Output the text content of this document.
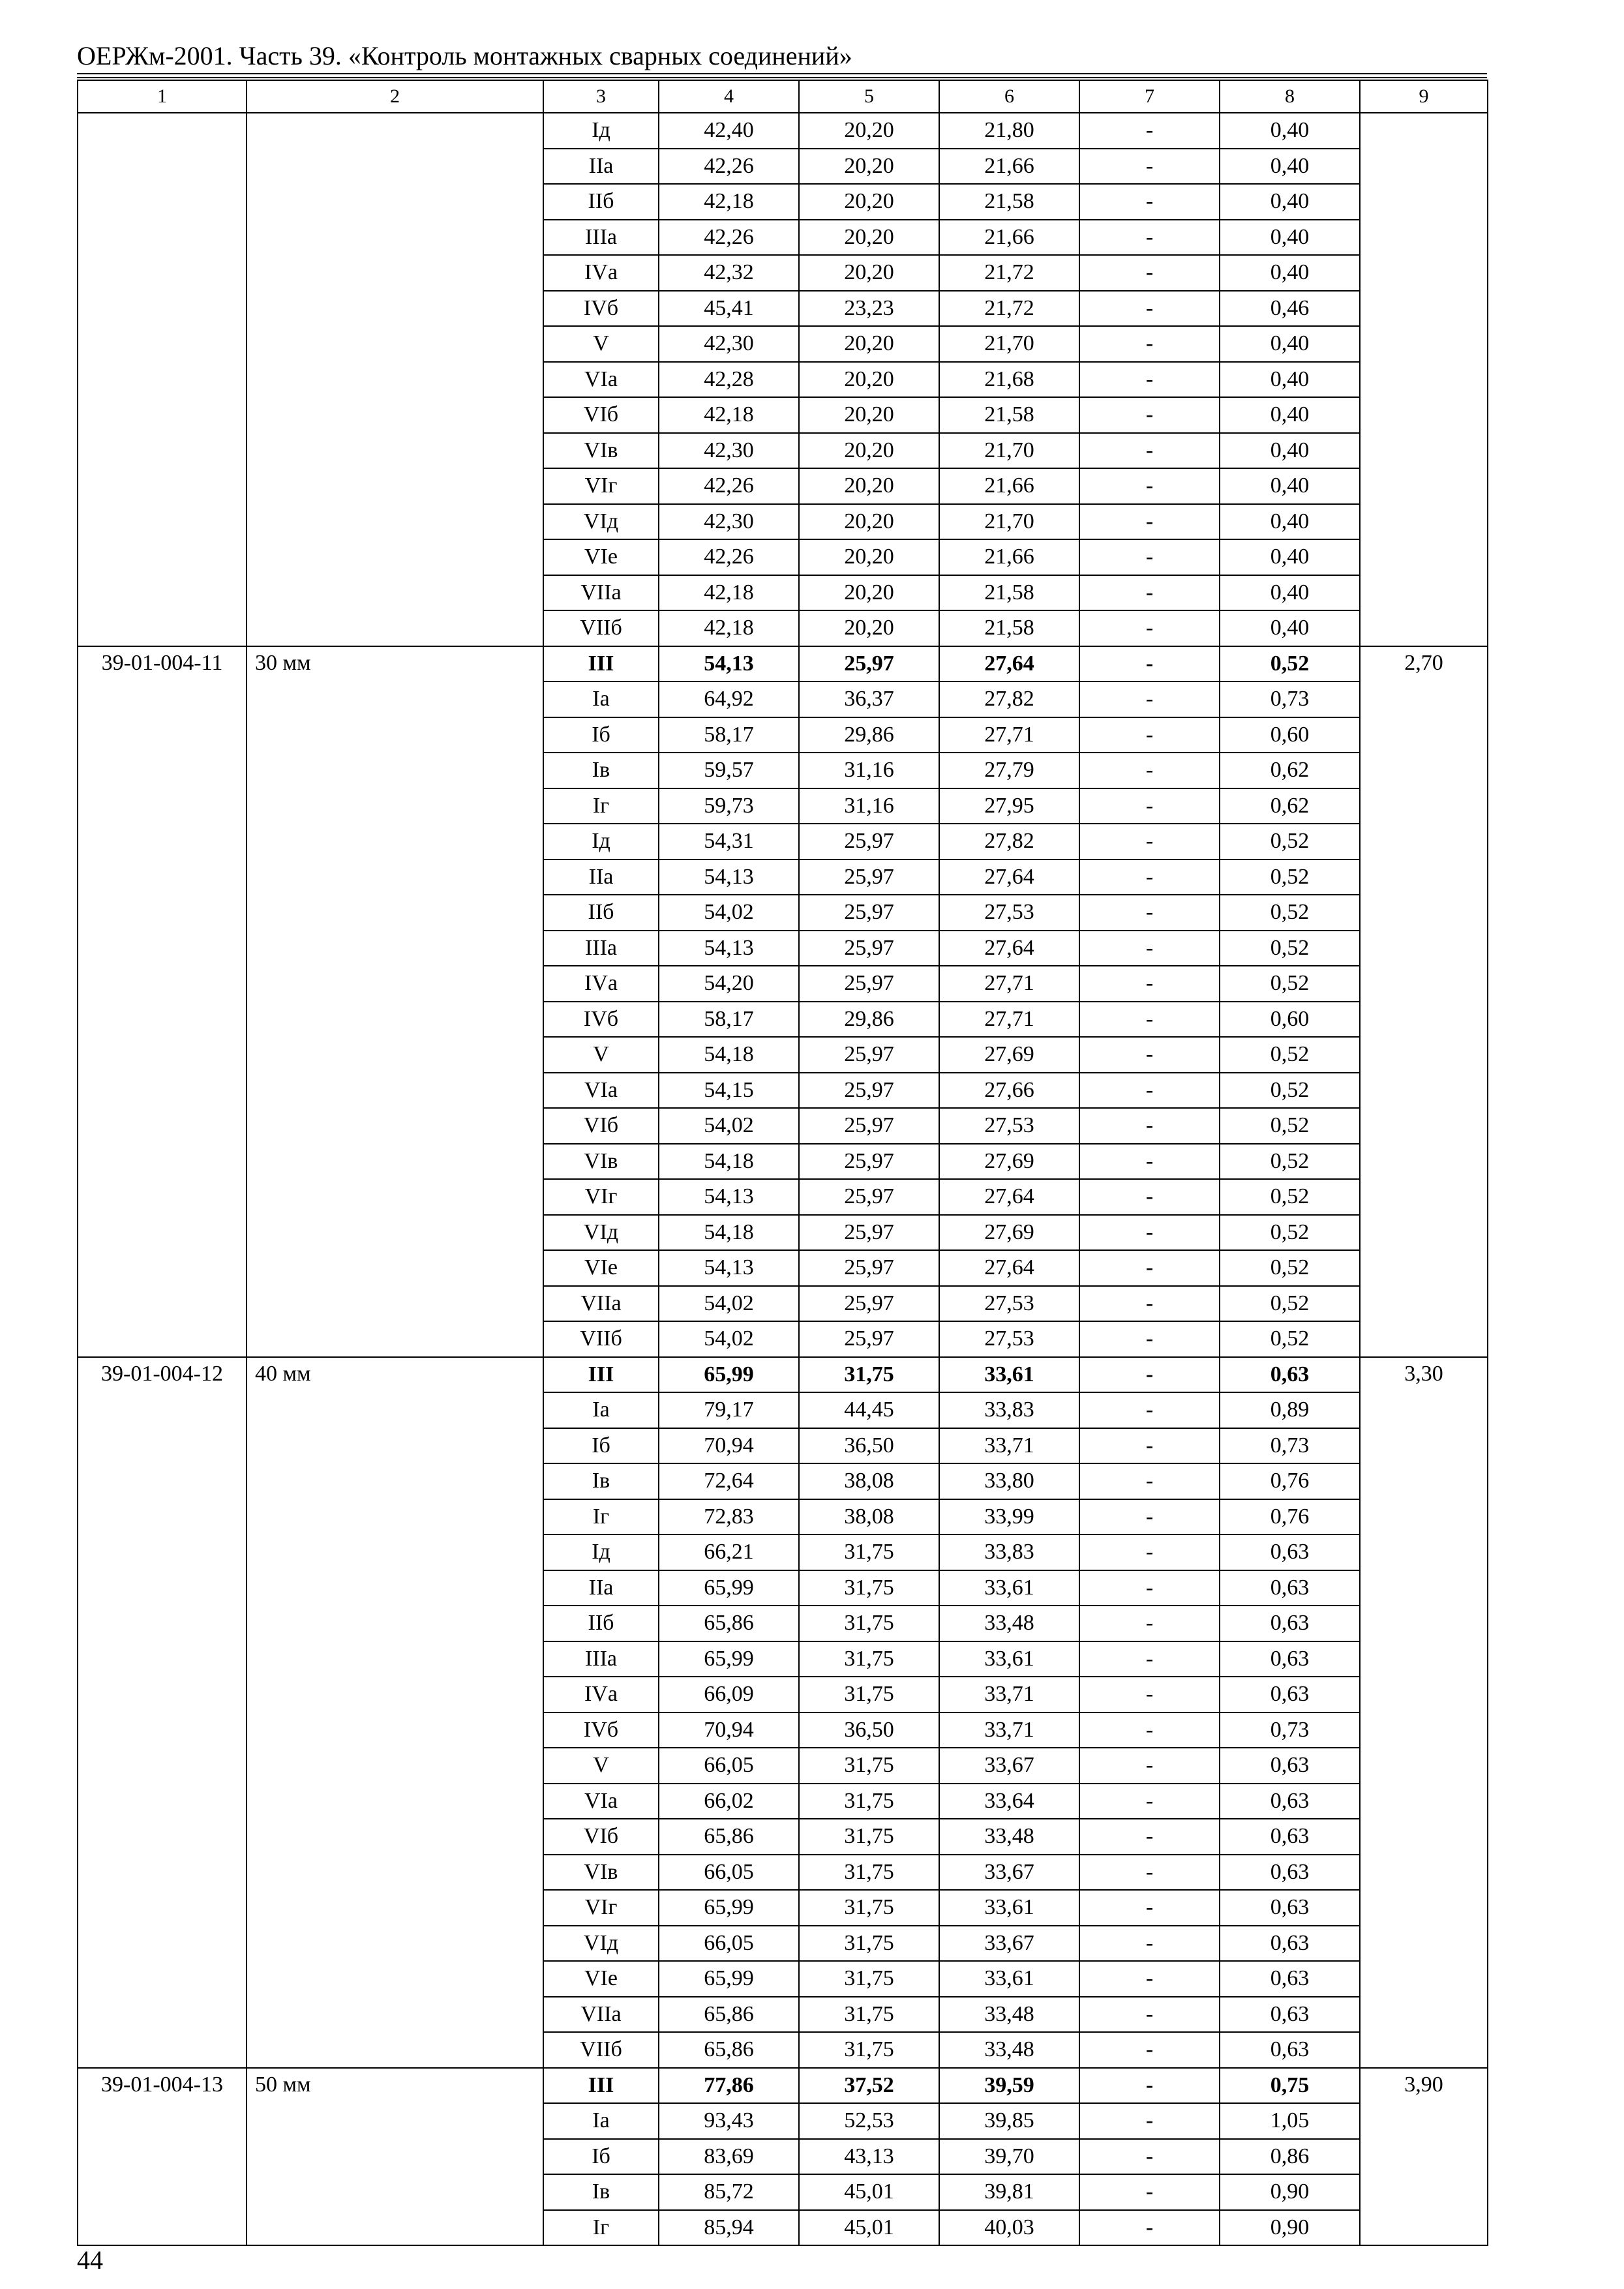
ОЕРЖм-2001. Часть 39. «Контроль монтажных сварных соединений»
1	2	3	4	5	6	7	8	9
		Iд	42,40	20,20	21,80	-	0,40	
		IIа	42,26	20,20	21,66	-	0,40	
		IIб	42,18	20,20	21,58	-	0,40	
		IIIа	42,26	20,20	21,66	-	0,40	
		IVа	42,32	20,20	21,72	-	0,40	
		IVб	45,41	23,23	21,72	-	0,46	
		V	42,30	20,20	21,70	-	0,40	
		VIа	42,28	20,20	21,68	-	0,40	
		VIб	42,18	20,20	21,58	-	0,40	
		VIв	42,30	20,20	21,70	-	0,40	
		VIг	42,26	20,20	21,66	-	0,40	
		VIд	42,30	20,20	21,70	-	0,40	
		VIе	42,26	20,20	21,66	-	0,40	
		VIIа	42,18	20,20	21,58	-	0,40	
		VIIб	42,18	20,20	21,58	-	0,40	
39-01-004-11	30 мм	III	54,13	25,97	27,64	-	0,52	2,70
		Iа	64,92	36,37	27,82	-	0,73	
		Iб	58,17	29,86	27,71	-	0,60	
		Iв	59,57	31,16	27,79	-	0,62	
		Iг	59,73	31,16	27,95	-	0,62	
		Iд	54,31	25,97	27,82	-	0,52	
		IIа	54,13	25,97	27,64	-	0,52	
		IIб	54,02	25,97	27,53	-	0,52	
		IIIа	54,13	25,97	27,64	-	0,52	
		IVа	54,20	25,97	27,71	-	0,52	
		IVб	58,17	29,86	27,71	-	0,60	
		V	54,18	25,97	27,69	-	0,52	
		VIа	54,15	25,97	27,66	-	0,52	
		VIб	54,02	25,97	27,53	-	0,52	
		VIв	54,18	25,97	27,69	-	0,52	
		VIг	54,13	25,97	27,64	-	0,52	
		VIд	54,18	25,97	27,69	-	0,52	
		VIе	54,13	25,97	27,64	-	0,52	
		VIIа	54,02	25,97	27,53	-	0,52	
		VIIб	54,02	25,97	27,53	-	0,52	
39-01-004-12	40 мм	III	65,99	31,75	33,61	-	0,63	3,30
		Iа	79,17	44,45	33,83	-	0,89	
		Iб	70,94	36,50	33,71	-	0,73	
		Iв	72,64	38,08	33,80	-	0,76	
		Iг	72,83	38,08	33,99	-	0,76	
		Iд	66,21	31,75	33,83	-	0,63	
		IIа	65,99	31,75	33,61	-	0,63	
		IIб	65,86	31,75	33,48	-	0,63	
		IIIа	65,99	31,75	33,61	-	0,63	
		IVа	66,09	31,75	33,71	-	0,63	
		IVб	70,94	36,50	33,71	-	0,73	
		V	66,05	31,75	33,67	-	0,63	
		VIа	66,02	31,75	33,64	-	0,63	
		VIб	65,86	31,75	33,48	-	0,63	
		VIв	66,05	31,75	33,67	-	0,63	
		VIг	65,99	31,75	33,61	-	0,63	
		VIд	66,05	31,75	33,67	-	0,63	
		VIе	65,99	31,75	33,61	-	0,63	
		VIIа	65,86	31,75	33,48	-	0,63	
		VIIб	65,86	31,75	33,48	-	0,63	
39-01-004-13	50 мм	III	77,86	37,52	39,59	-	0,75	3,90
		Iа	93,43	52,53	39,85	-	1,05	
		Iб	83,69	43,13	39,70	-	0,86	
		Iв	85,72	45,01	39,81	-	0,90	
		Iг	85,94	45,01	40,03	-	0,90	
44
